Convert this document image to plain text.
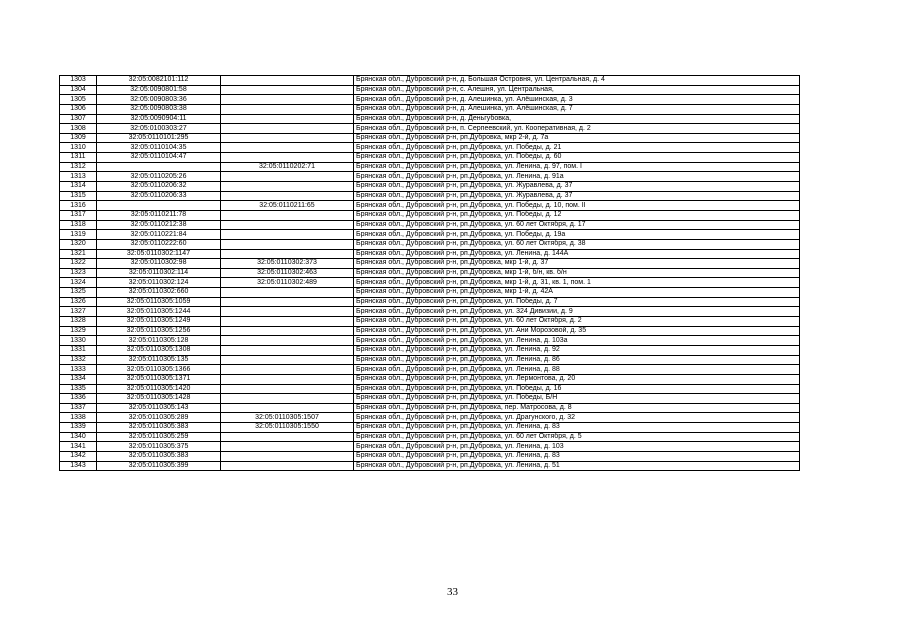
1303	32:05:0082101:112		Брянская обл., Дубровский р-н, д. Большая Островня, ул. Центральная, д. 4
1304	32:05:0090801:58		Брянская обл., Дубровский р-н, с. Алешня, ул. Центральная,
1305	32:05:0090803:36		Брянская обл., Дубровский р-н, д. Алешинка, ул. Алёшинская, д. 3
1306	32:05:0090803:38		Брянская обл., Дубровский р-н, д. Алешинка, ул. Алёшинская, д. 7
1307	32:05:0090904:11		Брянская обл., Дубровский р-н, д. Деньгубовка,
1308	32:05:0100303:27		Брянская обл., Дубровский р-н, п. Серпеевский, ул. Кооперативная, д. 2
1309	32:05:0110101:295		Брянская обл., Дубровский р-н, рп.Дубровка, мкр 2-й, д. 7а
1310	32:05:0110104:35		Брянская обл., Дубровский р-н, рп.Дубровка, ул. Победы, д. 21
1311	32:05:0110104:47		Брянская обл., Дубровский р-н, рп.Дубровка, ул. Победы, д. 60
1312		32:05:0110202:71	Брянская обл., Дубровский р-н, рп.Дубровка, ул. Ленина, д. 97, пом. I
1313	32:05:0110205:26		Брянская обл., Дубровский р-н, рп.Дубровка, ул. Ленина, д. 91а
1314	32:05:0110206:32		Брянская обл., Дубровский р-н, рп.Дубровка, ул. Журавлева, д. 37
1315	32:05:0110206:33		Брянская обл., Дубровский р-н, рп.Дубровка, ул. Журавлева, д. 37
1316		32:05:0110211:65	Брянская обл., Дубровский р-н, рп.Дубровка, ул. Победы, д. 10, пом. II
1317	32:05:0110211:78		Брянская обл., Дубровский р-н, рп.Дубровка, ул. Победы, д. 12
1318	32:05:0110212:38		Брянская обл., Дубровский р-н, рп.Дубровка, ул. 60 лет Октября, д. 17
1319	32:05:0110221:84		Брянская обл., Дубровский р-н, рп.Дубровка, ул. Победы, д. 19а
1320	32:05:0110222:60		Брянская обл., Дубровский р-н, рп.Дубровка, ул. 60 лет Октября, д. 38
1321	32:05:0110302:1147		Брянская обл., Дубровский р-н, рп.Дубровка, ул. Ленина, д. 144А
1322	32:05:0110302:98	32:05:0110302:373	Брянская обл., Дубровский р-н, рп.Дубровка, мкр 1-й, д. 37
1323	32:05:0110302:114	32:05:0110302:463	Брянская обл., Дубровский р-н, рп.Дубровка, мкр 1-й, б/н, кв. б/н
1324	32:05:0110302:124	32:05:0110302:489	Брянская обл., Дубровский р-н, рп.Дубровка, мкр 1-й, д. 31, кв. 1, пом. 1
1325	32:05:0110302:660		Брянская обл., Дубровский р-н, рп.Дубровка, мкр 1-й, д. 42А
1326	32:05:0110305:1059		Брянская обл., Дубровский р-н, рп.Дубровка, ул. Победы, д. 7
1327	32:05:0110305:1244		Брянская обл., Дубровский р-н, рп.Дубровка, ул. 324 Дивизии, д. 9
1328	32:05:0110305:1249		Брянская обл., Дубровский р-н, рп.Дубровка, ул. 60 лет Октября, д. 2
1329	32:05:0110305:1256		Брянская обл., Дубровский р-н, рп.Дубровка, ул. Ани Морозовой, д. 35
1330	32:05:0110305:128		Брянская обл., Дубровский р-н, рп.Дубровка, ул. Ленина, д. 103а
1331	32:05:0110305:1308		Брянская обл., Дубровский р-н, рп.Дубровка, ул. Ленина, д. 92
1332	32:05:0110305:135		Брянская обл., Дубровский р-н, рп.Дубровка, ул. Ленина, д. 86
1333	32:05:0110305:1366		Брянская обл., Дубровский р-н, рп.Дубровка, ул. Ленина, д. 88
1334	32:05:0110305:1371		Брянская обл., Дубровский р-н, рп.Дубровка, ул. Лермонтова, д. 20
1335	32:05:0110305:1420		Брянская обл., Дубровский р-н, рп.Дубровка, ул. Победы, д. 16
1336	32:05:0110305:1428		Брянская обл., Дубровский р-н, рп.Дубровка, ул. Победы, Б/Н
1337	32:05:0110305:143		Брянская обл., Дубровский р-н, рп.Дубровка, пер. Матросова, д. 8
1338	32:05:0110305:289	32:05:0110305:1507	Брянская обл., Дубровский р-н, рп.Дубровка, ул. Драгунского, д. 32
1339	32:05:0110305:383	32:05:0110305:1550	Брянская обл., Дубровский р-н, рп.Дубровка, ул. Ленина, д. 83
1340	32:05:0110305:259		Брянская обл., Дубровский р-н, рп.Дубровка, ул. 60 лет Октября, д. 5
1341	32:05:0110305:375		Брянская обл., Дубровский р-н, рп.Дубровка, ул. Ленина, д. 103
1342	32:05:0110305:383		Брянская обл., Дубровский р-н, рп.Дубровка, ул. Ленина, д. 83
1343	32:05:0110305:399		Брянская обл., Дубровский р-н, рп.Дубровка, ул. Ленина, д. 51
33
